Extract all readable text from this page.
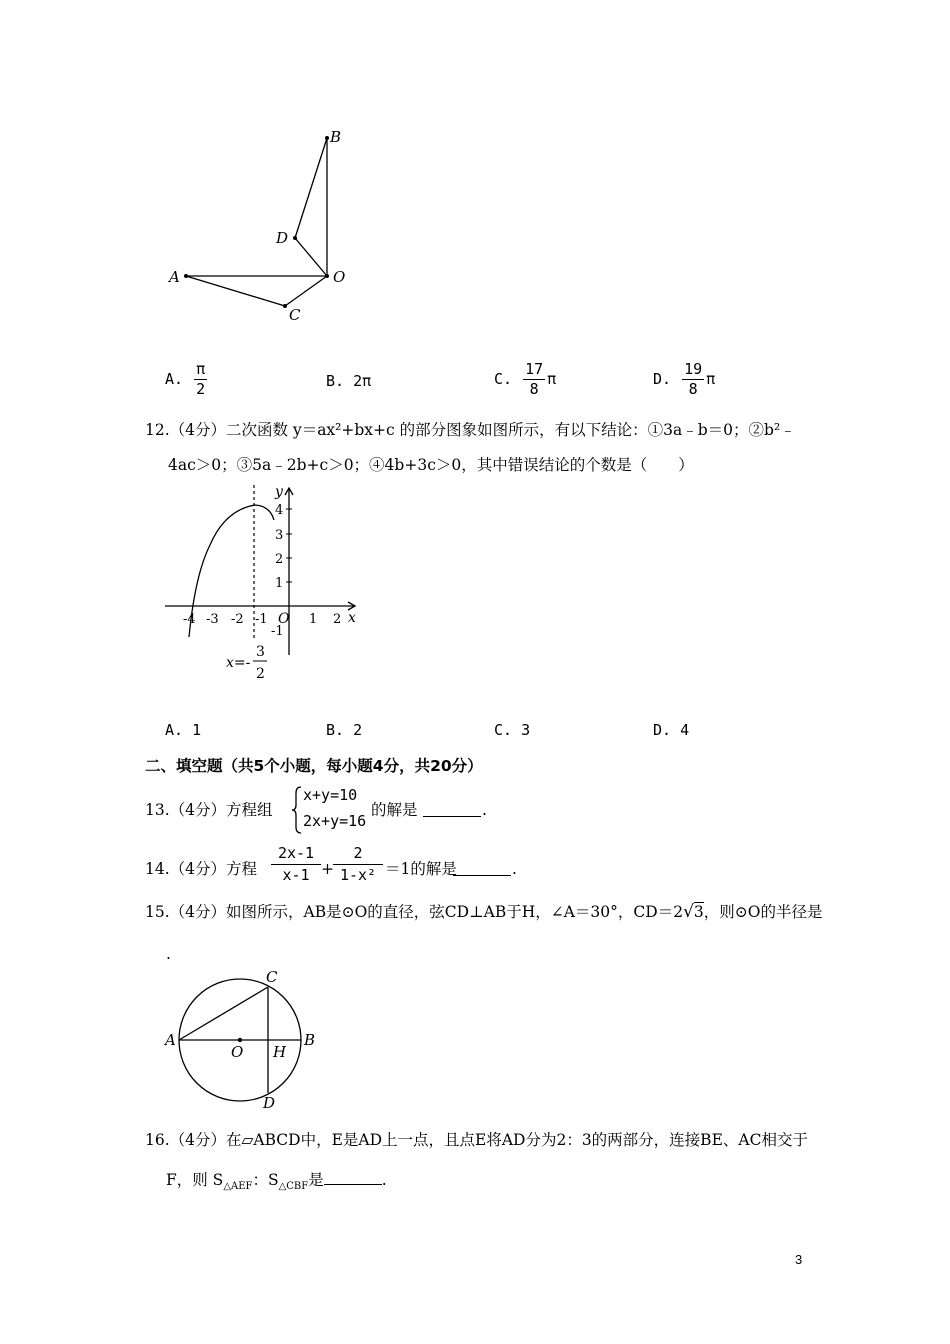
B
D
A	O
C
A. $\frac{\pi}{2}$	B. 2π	C. $\frac{17}{8}$ π	D. $\frac{19}{8}$ π
12.（4分）二次函数 y＝ax²+bx+c 的部分图象如图所示，有以下结论：①3a﹣b＝0；②b²﹣
4ac＞0；③5a﹣2b+c＞0；④4b+3c＞0，其中错误结论的个数是（　　）
y
x
O
4
3
2
1
-1
-4 -3 -2 -1	1 2
x=-
3
2
A. 1	B. 2	C. 3	D. 4
二、填空题（共5个小题，每小题4分，共20分）
13.（4分）方程组
x+y=10
2x+y=16
的解是	.
14.（4分）方程
2x-1
x-1 +
2
1-x² ＝1的解是	.
15.（4分）如图所示，AB是⊙O的直径，弦CD⊥AB于H，∠A＝30°，CD＝2√3，则⊙O的半径是
.
C
A
O H
B
D
16.（4分）在▱ABCD中，E是AD上一点，且点E将AD分为2：3的两部分，连接BE、AC相交于
F，则 $S_{\triangle AEF}$：$S_{\triangle CBF}$是	.
3
